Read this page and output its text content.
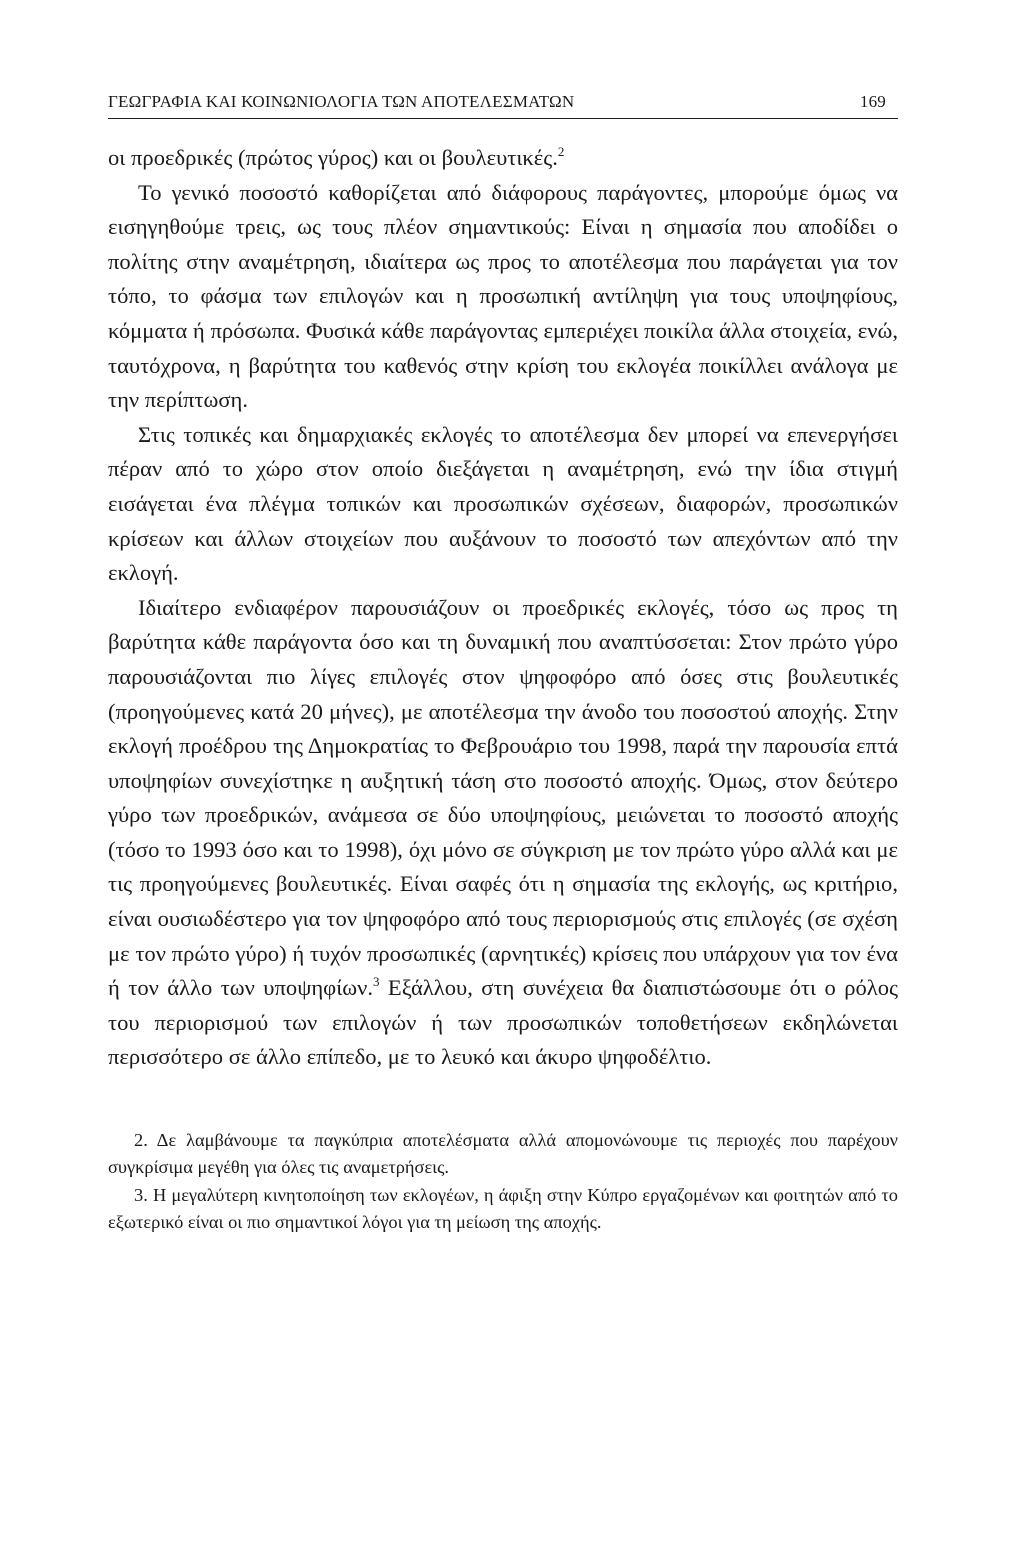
ΓΕΩΓΡΑΦΙΑ ΚΑΙ ΚΟΙΝΩΝΙΟΛΟΓΙΑ ΤΩΝ ΑΠΟΤΕΛΕΣΜΑΤΩΝ	169

οι προεδρικές (πρώτος γύρος) και οι βουλευτικές.$^2$

Το γενικό ποσοστό καθορίζεται από διάφορους παράγοντες, μπορούμε όμως να εισηγηθούμε τρεις, ως τους πλέον σημαντικούς: Είναι η σημασία που αποδίδει ο πολίτης στην αναμέτρηση, ιδιαίτερα ως προς το αποτέλεσμα που παράγεται για τον τόπο, το φάσμα των επιλογών και η προσωπική αντίληψη για τους υποψηφίους, κόμματα ή πρόσωπα. Φυσικά κάθε παράγοντας εμπεριέχει ποικίλα άλλα στοιχεία, ενώ, ταυτόχρονα, η βαρύτητα του καθενός στην κρίση του εκλογέα ποικίλλει ανάλογα με την περίπτωση.

Στις τοπικές και δημαρχιακές εκλογές το αποτέλεσμα δεν μπορεί να επενεργήσει πέραν από το χώρο στον οποίο διεξάγεται η αναμέτρηση, ενώ την ίδια στιγμή εισάγεται ένα πλέγμα τοπικών και προσωπικών σχέσεων, διαφορών, προσωπικών κρίσεων και άλλων στοιχείων που αυξάνουν το ποσοστό των απεχόντων από την εκλογή.

Ιδιαίτερο ενδιαφέρον παρουσιάζουν οι προεδρικές εκλογές, τόσο ως προς τη βαρύτητα κάθε παράγοντα όσο και τη δυναμική που αναπτύσσεται: Στον πρώτο γύρο παρουσιάζονται πιο λίγες επιλογές στον ψηφοφόρο από όσες στις βουλευτικές (προηγούμενες κατά 20 μήνες), με αποτέλεσμα την άνοδο του ποσοστού αποχής. Στην εκλογή προέδρου της Δημοκρατίας το Φεβρουάριο του 1998, παρά την παρουσία επτά υποψηφίων συνεχίστηκε η αυξητική τάση στο ποσοστό αποχής. Όμως, στον δεύτερο γύρο των προεδρικών, ανάμεσα σε δύο υποψηφίους, μειώνεται το ποσοστό αποχής (τόσο το 1993 όσο και το 1998), όχι μόνο σε σύγκριση με τον πρώτο γύρο αλλά και με τις προηγούμενες βουλευτικές. Είναι σαφές ότι η σημασία της εκλογής, ως κριτήριο, είναι ουσιωδέστερο για τον ψηφοφόρο από τους περιορισμούς στις επιλογές (σε σχέση με τον πρώτο γύρο) ή τυχόν προσωπικές (αρνητικές) κρίσεις που υπάρχουν για τον ένα ή τον άλλο των υποψηφίων.$^3$ Εξάλλου, στη συνέχεια θα διαπιστώσουμε ότι ο ρόλος του περιορισμού των επιλογών ή των προσωπικών τοποθετήσεων εκδηλώνεται περισσότερο σε άλλο επίπεδο, με το λευκό και άκυρο ψηφοδέλτιο.

2. Δε λαμβάνουμε τα παγκύπρια αποτελέσματα αλλά απομονώνουμε τις περιοχές που παρέχουν συγκρίσιμα μεγέθη για όλες τις αναμετρήσεις.

3. Η μεγαλύτερη κινητοποίηση των εκλογέων, η άφιξη στην Κύπρο εργαζομένων και φοιτητών από το εξωτερικό είναι οι πιο σημαντικοί λόγοι για τη μείωση της αποχής.
